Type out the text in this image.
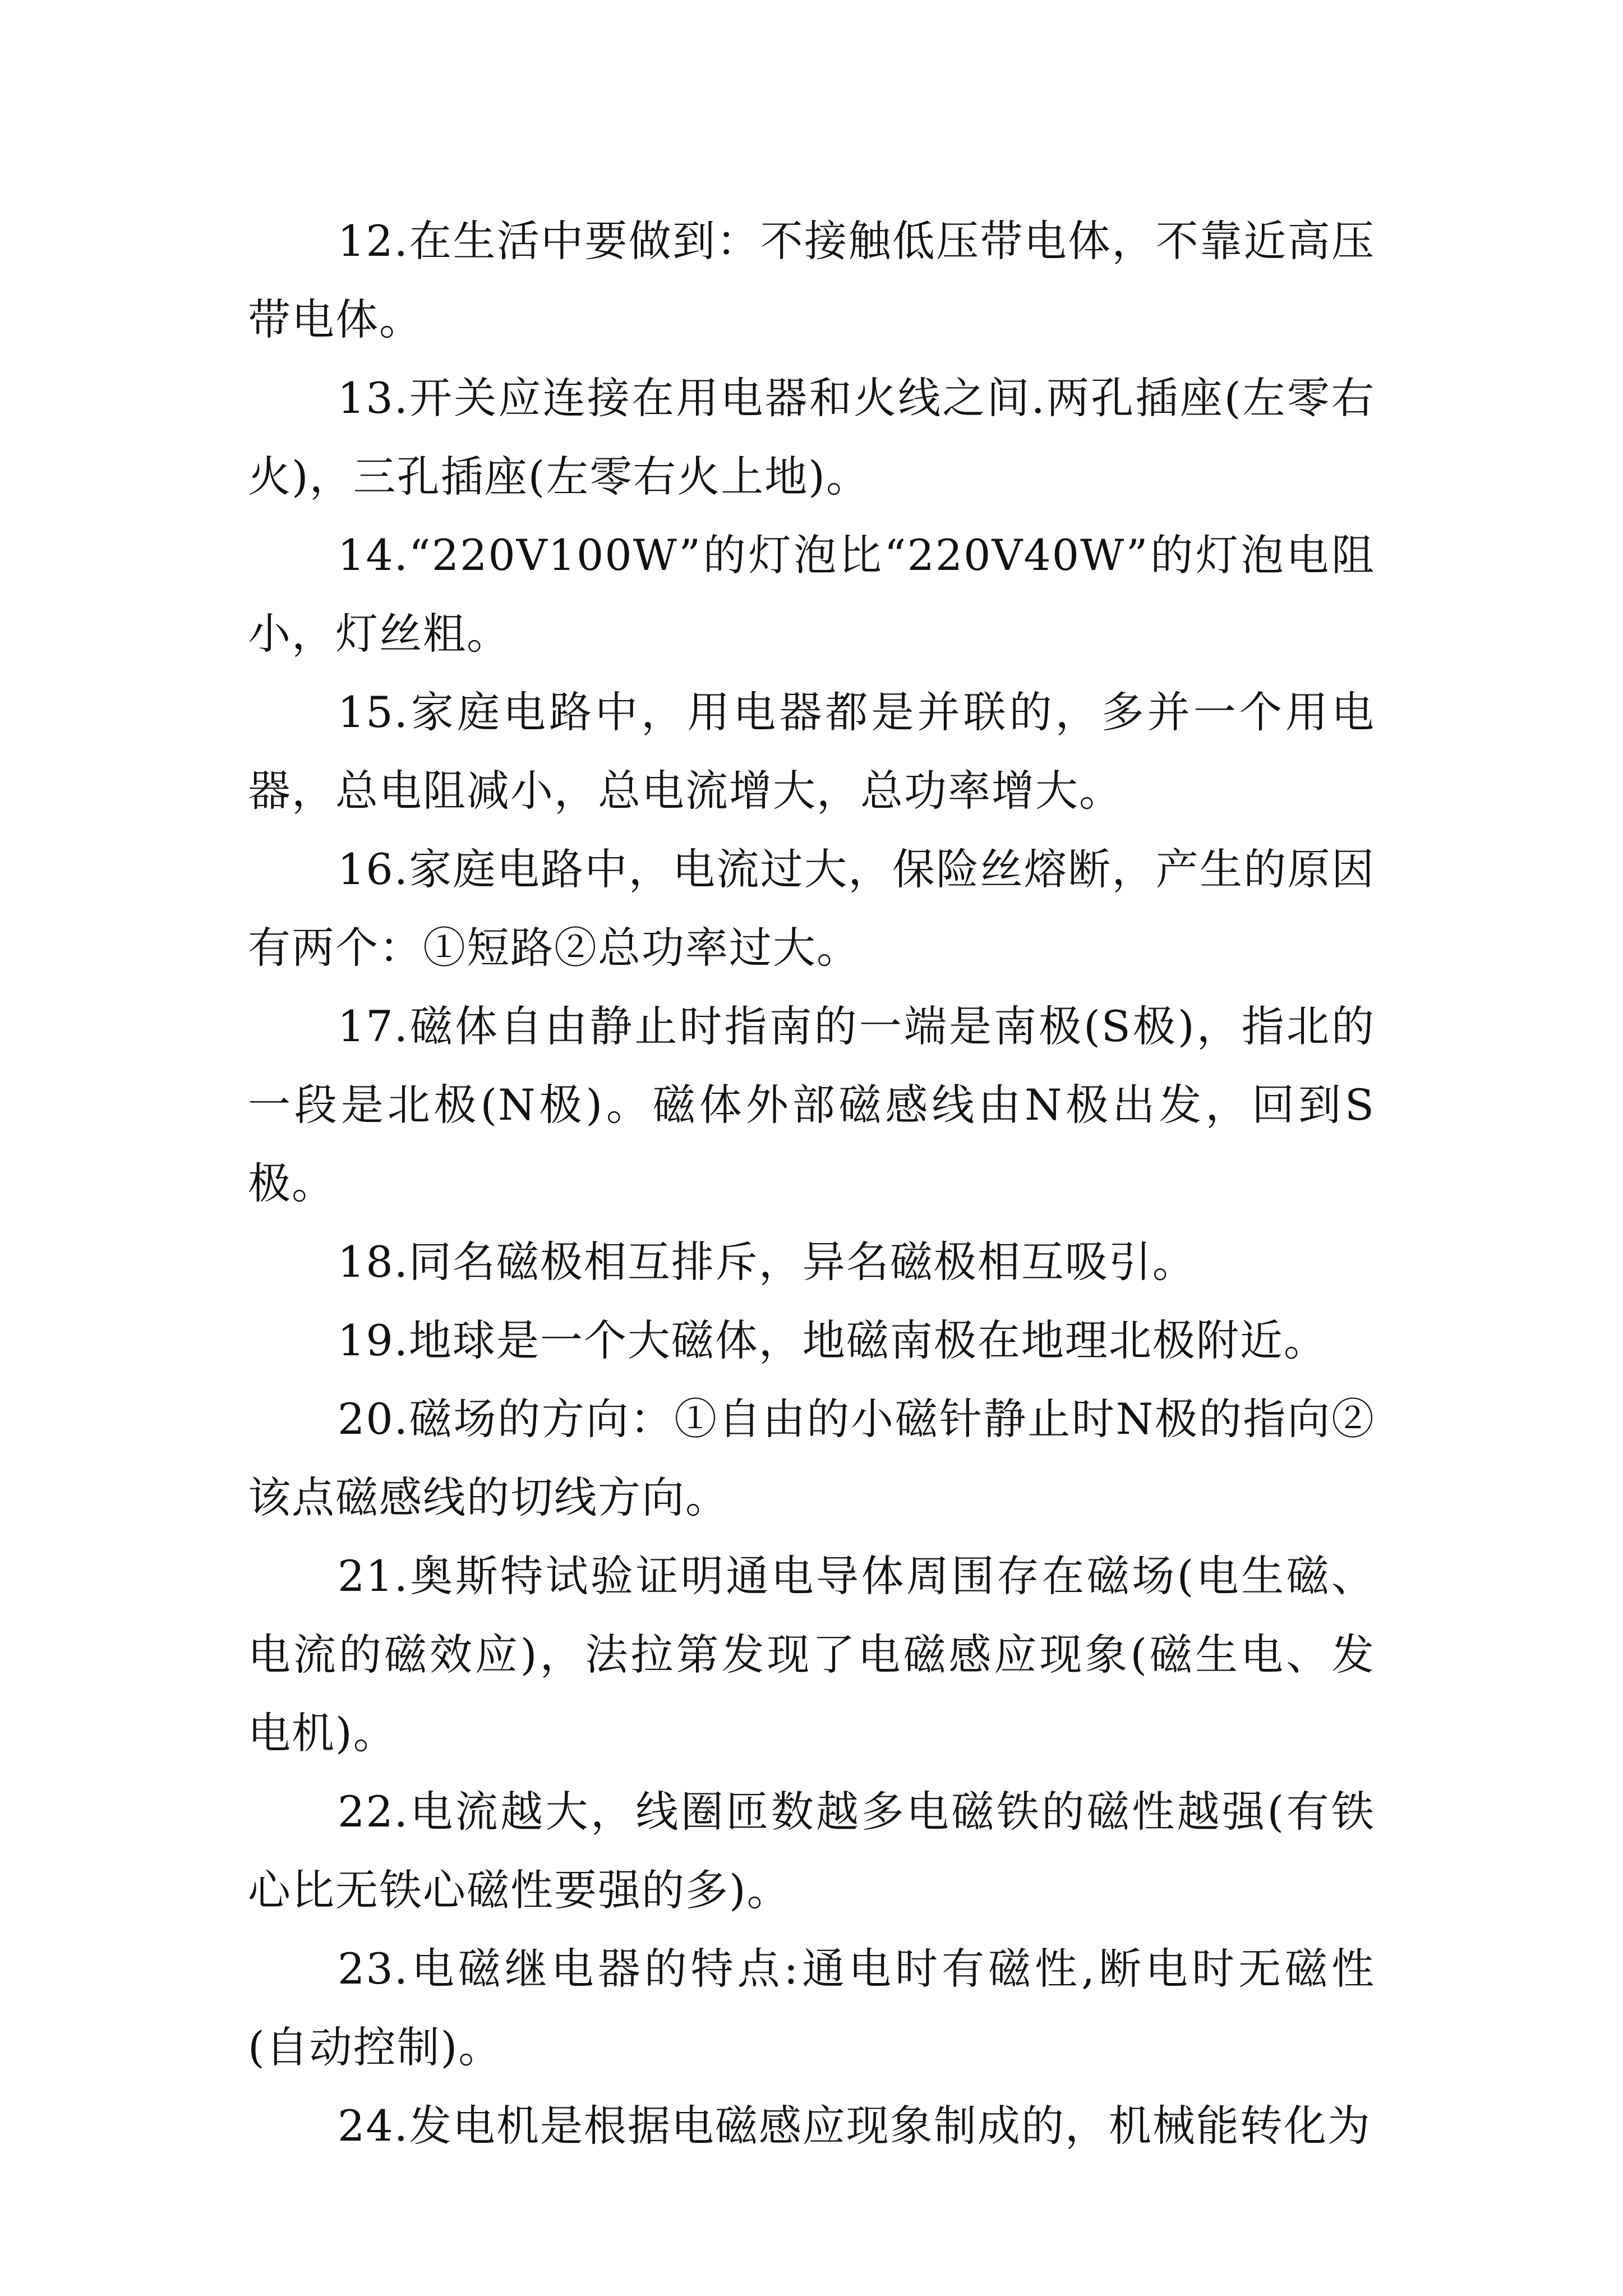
12.在生活中要做到：不接触低压带电体，不靠近高压带电体。

13.开关应连接在用电器和火线之间.两孔插座(左零右火)，三孔插座(左零右火上地)。

14.“220V100W”的灯泡比“220V40W”的灯泡电阻小，灯丝粗。

15.家庭电路中，用电器都是并联的，多并一个用电器，总电阻减小，总电流增大，总功率增大。

16.家庭电路中，电流过大，保险丝熔断，产生的原因有两个：①短路②总功率过大。

17.磁体自由静止时指南的一端是南极(S极)，指北的一段是北极(N极)。磁体外部磁感线由N极出发，回到S极。

18.同名磁极相互排斥，异名磁极相互吸引。

19.地球是一个大磁体，地磁南极在地理北极附近。

20.磁场的方向：①自由的小磁针静止时N极的指向②该点磁感线的切线方向。

21.奥斯特试验证明通电导体周围存在磁场(电生磁、电流的磁效应)，法拉第发现了电磁感应现象(磁生电、发电机)。

22.电流越大，线圈匝数越多电磁铁的磁性越强(有铁心比无铁心磁性要强的多)。

23.电磁继电器的特点:通电时有磁性,断电时无磁性(自动控制)。

24.发电机是根据电磁感应现象制成的，机械能转化为
